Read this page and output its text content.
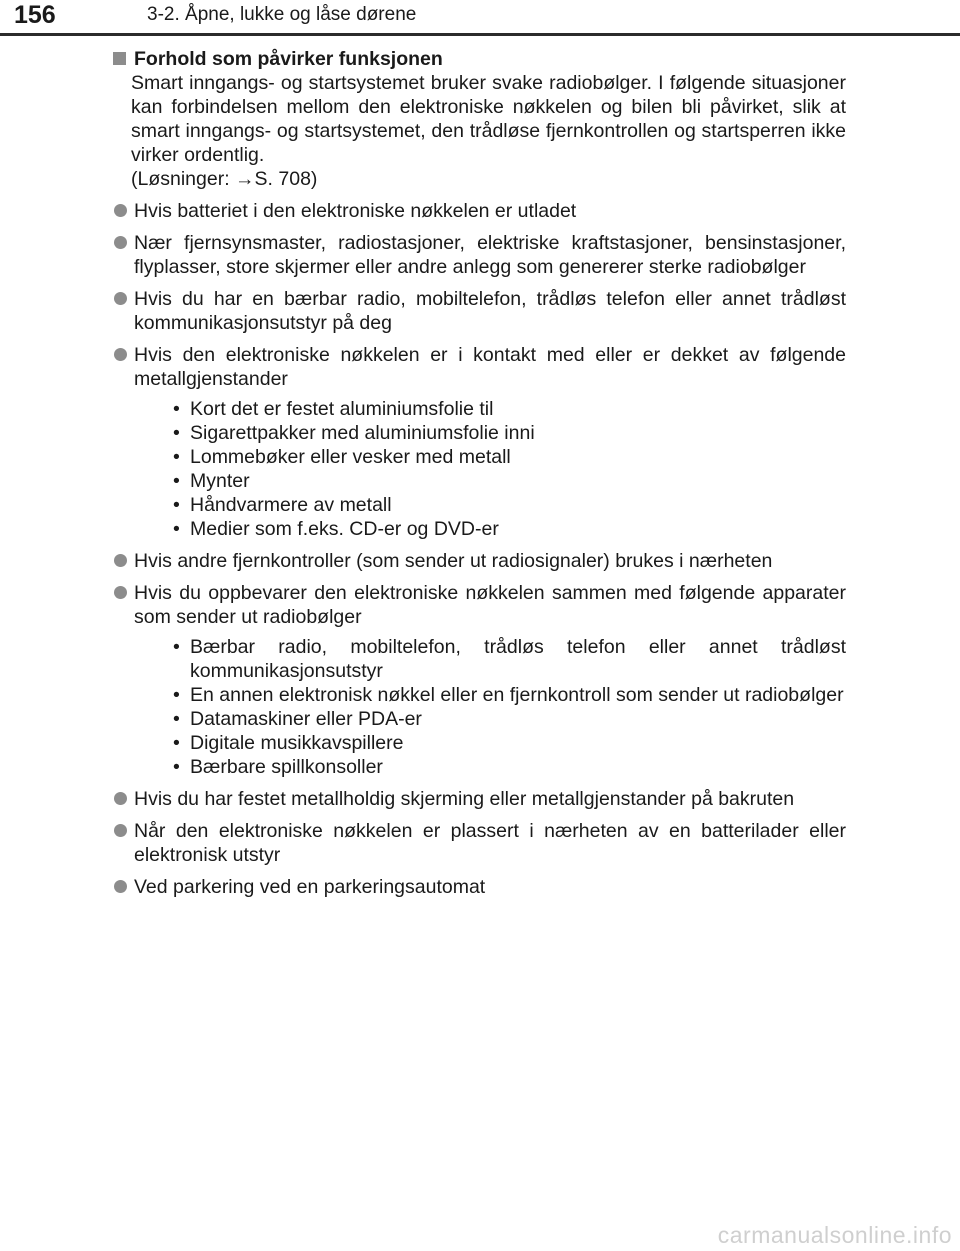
156	3-2. Åpne, lukke og låse dørene
Forhold som påvirker funksjonen
Smart inngangs- og startsystemet bruker svake radiobølger. I følgende situasjoner kan forbindelsen mellom den elektroniske nøkkelen og bilen bli påvirket, slik at smart inngangs- og startsystemet, den trådløse fjernkontrollen og startsperren ikke virker ordentlig.
(Løsninger: →S. 708)
Hvis batteriet i den elektroniske nøkkelen er utladet
Nær fjernsynsmaster, radiostasjoner, elektriske kraftstasjoner, bensinstasjoner, flyplasser, store skjermer eller andre anlegg som genererer sterke radiobølger
Hvis du har en bærbar radio, mobiltelefon, trådløs telefon eller annet trådløst kommunikasjonsutstyr på deg
Hvis den elektroniske nøkkelen er i kontakt med eller er dekket av følgende metallgjenstander
• Kort det er festet aluminiumsfolie til
• Sigarettpakker med aluminiumsfolie inni
• Lommebøker eller vesker med metall
• Mynter
• Håndvarmere av metall
• Medier som f.eks. CD-er og DVD-er
Hvis andre fjernkontroller (som sender ut radiosignaler) brukes i nærheten
Hvis du oppbevarer den elektroniske nøkkelen sammen med følgende apparater som sender ut radiobølger
• Bærbar radio, mobiltelefon, trådløs telefon eller annet trådløst kommunikasjonsutstyr
• En annen elektronisk nøkkel eller en fjernkontroll som sender ut radiobølger
• Datamaskiner eller PDA-er
• Digitale musikkavspillere
• Bærbare spillkonsoller
Hvis du har festet metallholdig skjerming eller metallgjenstander på bakruten
Når den elektroniske nøkkelen er plassert i nærheten av en batterilader eller elektronisk utstyr
Ved parkering ved en parkeringsautomat
carmanualsonline.info
